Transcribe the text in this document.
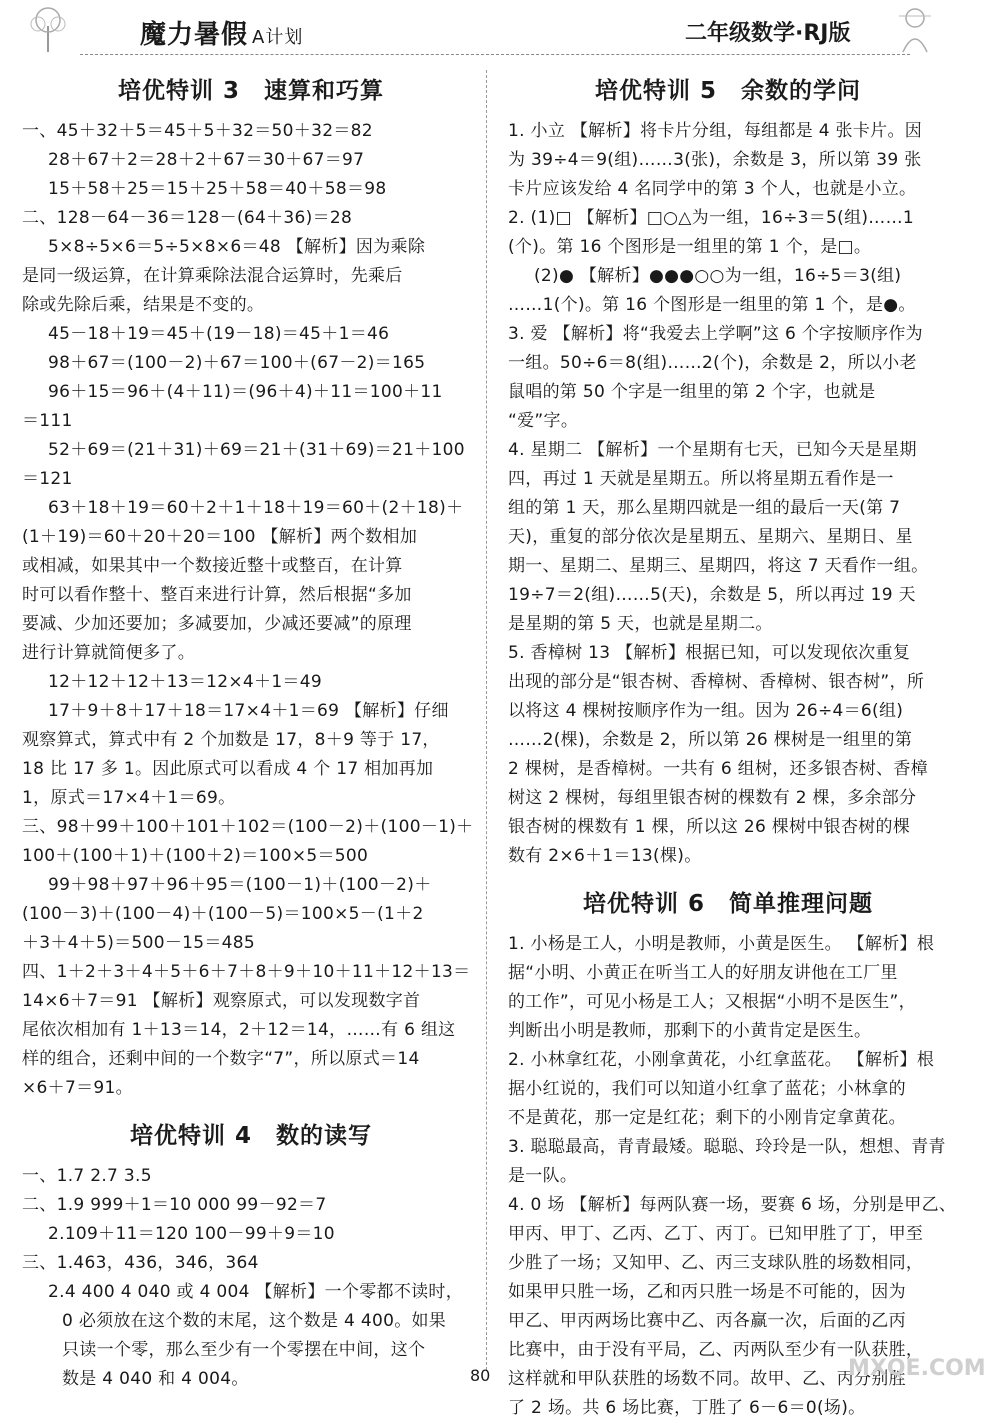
魔力暑假 A计划	二年级数学·RJ版
培优特训 3 速算和巧算
一、45＋32＋5＝45＋5＋32＝50＋32＝82
28＋67＋2＝28＋2＋67＝30＋67＝97
15＋58＋25＝15＋25＋58＝40＋58＝98
二、128－64－36＝128－(64＋36)＝28
5×8÷5×6＝5÷5×8×6＝48 【解析】因为乘除
是同一级运算，在计算乘除法混合运算时，先乘后
除或先除后乘，结果是不变的。
45－18＋19＝45＋(19－18)＝45＋1＝46
98＋67＝(100－2)＋67＝100＋(67－2)＝165
96＋15＝96＋(4＋11)＝(96＋4)＋11＝100＋11
＝111
52＋69＝(21＋31)＋69＝21＋(31＋69)＝21＋100
＝121
63＋18＋19＝60＋2＋1＋18＋19＝60＋(2＋18)＋
(1＋19)＝60＋20＋20＝100 【解析】两个数相加
或相减，如果其中一个数接近整十或整百，在计算
时可以看作整十、整百来进行计算，然后根据“多加
要减、少加还要加；多减要加，少减还要减”的原理
进行计算就简便多了。
12＋12＋12＋13＝12×4＋1＝49
17＋9＋8＋17＋18＝17×4＋1＝69 【解析】仔细
观察算式，算式中有 2 个加数是 17，8＋9 等于 17，
18 比 17 多 1。因此原式可以看成 4 个 17 相加再加
1，原式＝17×4＋1＝69。
三、98＋99＋100＋101＋102＝(100－2)＋(100－1)＋
100＋(100＋1)＋(100＋2)＝100×5＝500
99＋98＋97＋96＋95＝(100－1)＋(100－2)＋
(100－3)＋(100－4)＋(100－5)＝100×5－(1＋2
＋3＋4＋5)＝500－15＝485
四、1＋2＋3＋4＋5＋6＋7＋8＋9＋10＋11＋12＋13＝
14×6＋7＝91 【解析】观察原式，可以发现数字首
尾依次相加有 1＋13＝14，2＋12＝14，……有 6 组这
样的组合，还剩中间的一个数字“7”，所以原式＝14
×6＋7＝91。
培优特训 4 数的读写
一、1.7 2.7 3.5
二、1.9 999＋1＝10 000 99－92＝7
2.109＋11＝120 100－99＋9＝10
三、1.463，436，346，364
2.4 400 4 040 或 4 004 【解析】一个零都不读时，
0 必须放在这个数的末尾，这个数是 4 400。如果
只读一个零，那么至少有一个零摆在中间，这个
数是 4 040 和 4 004。
培优特训 5 余数的学问
1. 小立 【解析】将卡片分组，每组都是 4 张卡片。因
为 39÷4＝9(组)……3(张)，余数是 3，所以第 39 张
卡片应该发给 4 名同学中的第 3 个人，也就是小立。
2. (1)□ 【解析】□○△为一组，16÷3＝5(组)……1
(个)。第 16 个图形是一组里的第 1 个，是□。
(2)● 【解析】●●●○○为一组，16÷5＝3(组)
……1(个)。第 16 个图形是一组里的第 1 个，是●。
3. 爱 【解析】将“我爱去上学啊”这 6 个字按顺序作为
一组。50÷6＝8(组)……2(个)，余数是 2，所以小老
鼠唱的第 50 个字是一组里的第 2 个字，也就是
“爱”字。
4. 星期二 【解析】一个星期有七天，已知今天是星期
四，再过 1 天就是星期五。所以将星期五看作是一
组的第 1 天，那么星期四就是一组的最后一天(第 7
天)，重复的部分依次是星期五、星期六、星期日、星
期一、星期二、星期三、星期四，将这 7 天看作一组。
19÷7＝2(组)……5(天)，余数是 5，所以再过 19 天
是星期的第 5 天，也就是星期二。
5. 香樟树 13 【解析】根据已知，可以发现依次重复
出现的部分是“银杏树、香樟树、香樟树、银杏树”，所
以将这 4 棵树按顺序作为一组。因为 26÷4＝6(组)
……2(棵)，余数是 2，所以第 26 棵树是一组里的第
2 棵树，是香樟树。一共有 6 组树，还多银杏树、香樟
树这 2 棵树，每组里银杏树的棵数有 2 棵，多余部分
银杏树的棵数有 1 棵，所以这 26 棵树中银杏树的棵
数有 2×6＋1＝13(棵)。
培优特训 6 简单推理问题
1. 小杨是工人，小明是教师，小黄是医生。 【解析】根
据“小明、小黄正在听当工人的好朋友讲他在工厂里
的工作”，可见小杨是工人；又根据“小明不是医生”，
判断出小明是教师，那剩下的小黄肯定是医生。
2. 小林拿红花，小刚拿黄花，小红拿蓝花。 【解析】根
据小红说的，我们可以知道小红拿了蓝花；小林拿的
不是黄花，那一定是红花；剩下的小刚肯定拿黄花。
3. 聪聪最高，青青最矮。聪聪、玲玲是一队，想想、青青
是一队。
4. 0 场 【解析】每两队赛一场，要赛 6 场，分别是甲乙、
甲丙、甲丁、乙丙、乙丁、丙丁。已知甲胜了丁，甲至
少胜了一场；又知甲、乙、丙三支球队胜的场数相同，
如果甲只胜一场，乙和丙只胜一场是不可能的，因为
甲乙、甲丙两场比赛中乙、丙各赢一次，后面的乙丙
比赛中，由于没有平局，乙、丙两队至少有一队获胜，
这样就和甲队获胜的场数不同。故甲、乙、丙分别胜
了 2 场。共 6 场比赛，丁胜了 6－6＝0(场)。
80	MXQE.COM
